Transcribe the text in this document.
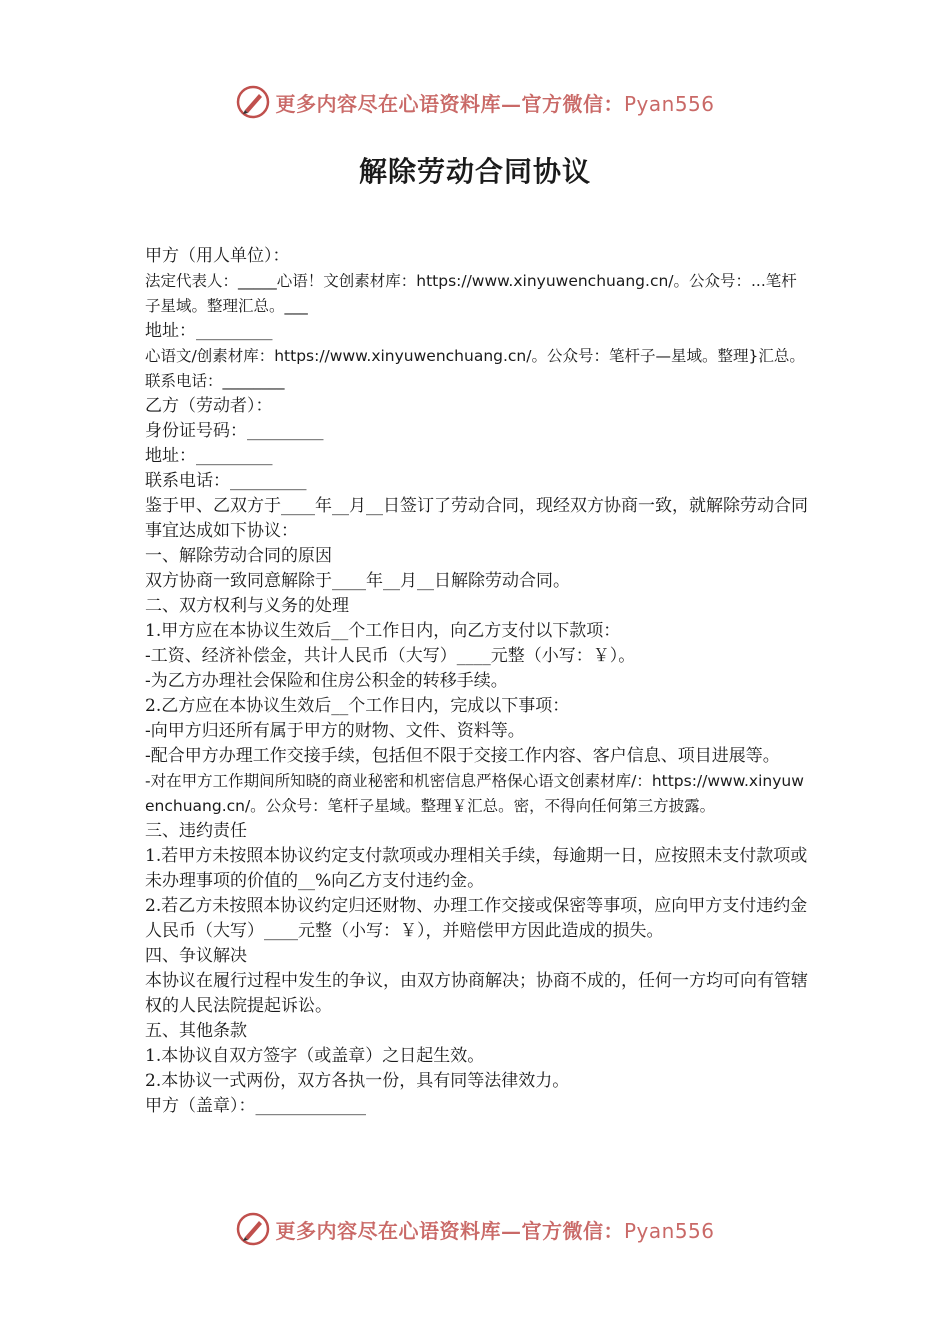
更多内容尽在心语资料库—官方微信：Pyan556
解除劳动合同协议

甲方（用人单位）：

法定代表人：_____心语！文创素材库：https://www.xinyuwenchuang.cn/。公众号：...笔杆子星域。整理汇总。___

地址：_________

心语文/创素材库：https://www.xinyuwenchuang.cn/。公众号：笔杆子—星域。整理}汇总。联系电话：________

乙方（劳动者）：

身份证号码：_________

地址：_________

联系电话：_________

鉴于甲、乙双方于____年__月__日签订了劳动合同，现经双方协商一致，就解除劳动合同事宜达成如下协议：

一、解除劳动合同的原因

双方协商一致同意解除于____年__月__日解除劳动合同。

二、双方权利与义务的处理

1.甲方应在本协议生效后__个工作日内，向乙方支付以下款项：

-工资、经济补偿金，共计人民币（大写）____元整（小写：￥）。

-为乙方办理社会保险和住房公积金的转移手续。

2.乙方应在本协议生效后__个工作日内，完成以下事项：

-向甲方归还所有属于甲方的财物、文件、资料等。

-配合甲方办理工作交接手续，包括但不限于交接工作内容、客户信息、项目进展等。

-对在甲方工作期间所知晓的商业秘密和机密信息严格保心语文创素材库/：https://www.xinyuwenchuang.cn/。公众号：笔杆子星域。整理￥汇总。密，不得向任何第三方披露。

三、违约责任

1.若甲方未按照本协议约定支付款项或办理相关手续，每逾期一日，应按照未支付款项或未办理事项的价值的__%向乙方支付违约金。

2.若乙方未按照本协议约定归还财物、办理工作交接或保密等事项，应向甲方支付违约金人民币（大写）____元整（小写：￥），并赔偿甲方因此造成的损失。

四、争议解决

本协议在履行过程中发生的争议，由双方协商解决；协商不成的，任何一方均可向有管辖权的人民法院提起诉讼。

五、其他条款

1.本协议自双方签字（或盖章）之日起生效。

2.本协议一式两份，双方各执一份，具有同等法律效力。

甲方（盖章）：_____________

更多内容尽在心语资料库—官方微信：Pyan556
